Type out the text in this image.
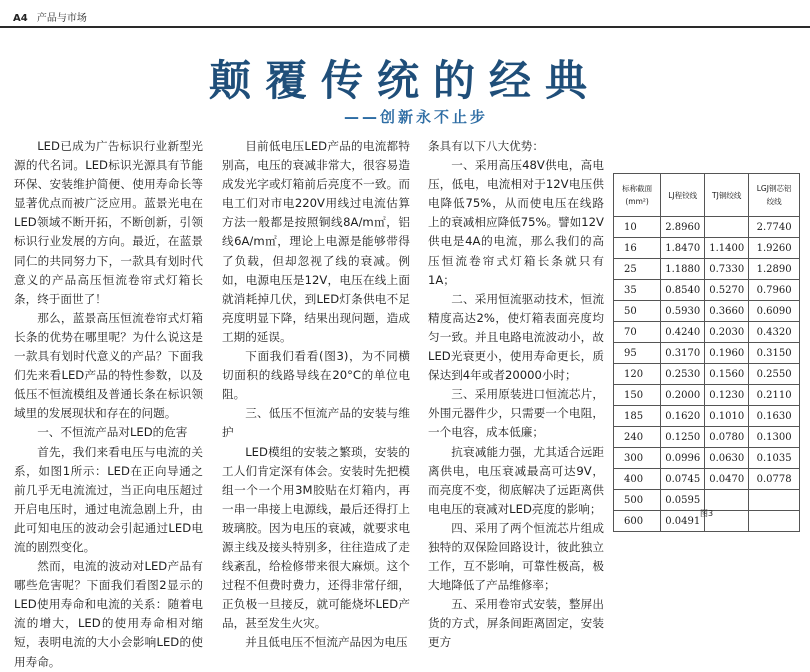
A4 产品与市场
颠覆传统的经典
——创新永不止步

LED已成为广告标识行业新型光源的代名词。LED标识光源具有节能环保、安装维护简便、使用寿命长等显著优点而被广泛应用。蓝景光电在LED领域不断开拓，不断创新，引领标识行业发展的方向。最近，在蓝景同仁的共同努力下，一款具有划时代意义的产品高压恒流卷帘式灯箱长条，终于面世了！

那么，蓝景高压恒流卷帘式灯箱长条的优势在哪里呢？为什么说这是一款具有划时代意义的产品？下面我们先来看LED产品的特性参数，以及低压不恒流模组及普通长条在标识领域里的发展现状和存在的问题。

一、不恒流产品对LED的危害

首先，我们来看电压与电流的关系，如图1所示：LED在正向导通之前几乎无电流流过，当正向电压超过开启电压时，通过电流急剧上升，由此可知电压的波动会引起通过LED电流的剧烈变化。

然而，电流的波动对LED产品有哪些危害呢？下面我们看图2显示的LED使用寿命和电流的关系：随着电流的增大，LED的使用寿命相对缩短，表明电流的大小会影响LED的使用寿命。

目前低电压LED产品的电流都特别高，电压的衰减非常大，很容易造成发光字或灯箱前后亮度不一致。而电工们对市电220V用线过电流估算方法一般都是按照铜线8A/m㎡，铝线6A/m㎡，理论上电源是能够带得了负载，但却忽视了线的衰减。例如，电源电压是12V，电压在线上面就消耗掉几伏，到LED灯条供电不足亮度明显下降，结果出现问题，造成工期的延误。

下面我们看看(图3)，为不同横切面积的线路导线在20°C的单位电阻。

三、低压不恒流产品的安装与维护

LED模组的安装之繁琐，安装的工人们肯定深有体会。安装时先把模组一个一个用3M胶贴在灯箱内，再一串一串接上电源线，最后还得打上玻璃胶。因为电压的衰减，就要求电源主线及接头特别多，往往造成了走线紊乱，给检修带来很大麻烦。这个过程不但费时费力，还得非常仔细，正负极一旦接反，就可能烧坏LED产品，甚至发生火灾。

并且低电压不恒流产品因为电压

条具有以下八大优势：

一、采用高压48V供电，高电压，低电，电流相对于12V电压供电降低75%，从而使电压在线路上的衰减相应降低75%。譬如12V供电是4A的电流，那么我们的高压恒流卷帘式灯箱长条就只有1A；

二、采用恒流驱动技术，恒流精度高达2%，使灯箱表面亮度均匀一致。并且电路电流波动小，故LED光衰更小，使用寿命更长，质保达到4年或者20000小时；

三、采用原装进口恒流芯片，外围元器件少，只需要一个电阻，一个电容，成本低廉；

抗衰减能力强，尤其适合远距离供电，电压衰减最高可达9V，而亮度不变，彻底解决了远距离供电电压的衰减对LED亮度的影响；

四、采用了两个恒流芯片组成独特的双保险回路设计，彼此独立工作，互不影响，可靠性极高，极大地降低了产品维修率；

五、采用卷帘式安装，整屏出货的方式，屏条间距离固定，安装更方

标称截面(mm²)	LJ程铰线	TJ铜绞线	LGJ钢芯铝绞线
10	2.8960		2.7740
16	1.8470	1.1400	1.9260
25	1.1880	0.7330	1.2890
35	0.8540	0.5270	0.7960
50	0.5930	0.3660	0.6090
70	0.4240	0.2030	0.4320
95	0.3170	0.1960	0.3150
120	0.2530	0.1560	0.2550
150	0.2000	0.1230	0.2110
185	0.1620	0.1010	0.1630
240	0.1250	0.0780	0.1300
300	0.0996	0.0630	0.1035
400	0.0745	0.0470	0.0778
500	0.0595		
600	0.0491		
图3
